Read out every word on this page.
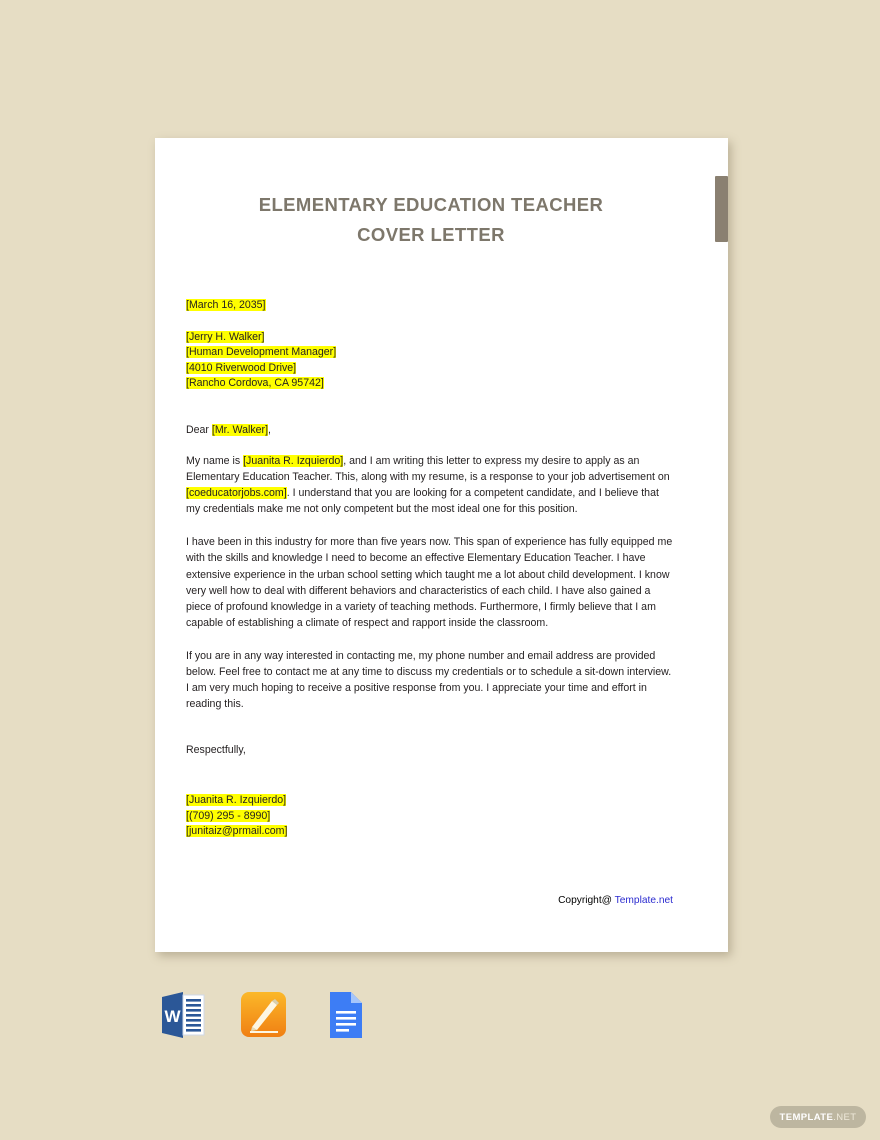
ELEMENTARY EDUCATION TEACHER
COVER LETTER
[March 16, 2035]
[Jerry H. Walker]
[Human Development Manager]
[4010 Riverwood Drive]
[Rancho Cordova, CA 95742]
Dear [Mr. Walker],
My name is [Juanita R. Izquierdo], and I am writing this letter to express my desire to apply as an Elementary Education Teacher. This, along with my resume, is a response to your job advertisement on [coeducatorjobs.com]. I understand that you are looking for a competent candidate, and I believe that my credentials make me not only competent but the most ideal one for this position.
I have been in this industry for more than five years now. This span of experience has fully equipped me with the skills and knowledge I need to become an effective Elementary Education Teacher. I have extensive experience in the urban school setting which taught me a lot about child development. I know very well how to deal with different behaviors and characteristics of each child. I have also gained a piece of profound knowledge in a variety of teaching methods. Furthermore, I firmly believe that I am capable of establishing a climate of respect and rapport inside the classroom.
If you are in any way interested in contacting me, my phone number and email address are provided below. Feel free to contact me at any time to discuss my credentials or to schedule a sit-down interview. I am very much hoping to receive a positive response from you. I appreciate your time and effort in reading this.
Respectfully,
[Juanita R. Izquierdo]
[(709) 295 - 8990]
[junitaiz@prmail.com]
Copyright@ Template.net
W
TEMPLATE .NET
